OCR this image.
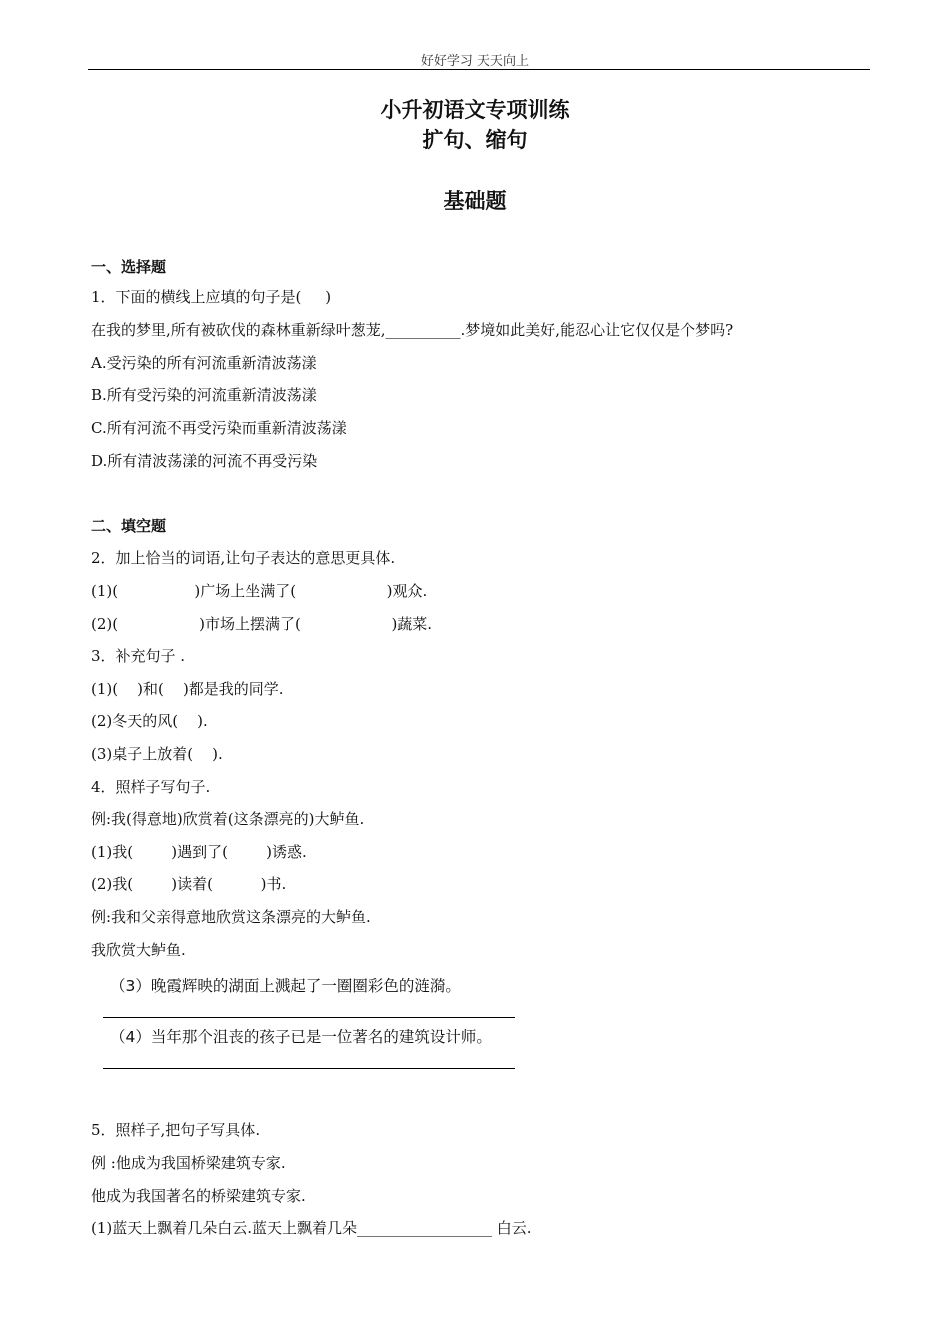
好好学习 天天向上
小升初语文专项训练
扩句、缩句
基础题
一、选择题
1．下面的横线上应填的句子是(     )
在我的梦里,所有被砍伐的森林重新绿叶葱茏,__________.梦境如此美好,能忍心让它仅仅是个梦吗?
A.受污染的所有河流重新清波荡漾
B.所有受污染的河流重新清波荡漾
C.所有河流不再受污染而重新清波荡漾
D.所有清波荡漾的河流不再受污染
二、填空题
2．加上恰当的词语,让句子表达的意思更具体.
(1)(                )广场上坐满了(                   )观众.
(2)(                 )市场上摆满了(                   )蔬菜.
3．补充句子 .
(1)(    )和(    )都是我的同学.
(2)冬天的风(    ).
(3)桌子上放着(    ).
4．照样子写句子.
例:我(得意地)欣赏着(这条漂亮的)大鲈鱼.
(1)我(        )遇到了(        )诱惑.
(2)我(        )读着(          )书.
例:我和父亲得意地欣赏这条漂亮的大鲈鱼.
我欣赏大鲈鱼.
（3）晚霞辉映的湖面上溅起了一圈圈彩色的涟漪。
（4）当年那个沮丧的孩子已是一位著名的建筑设计师。
5．照样子,把句子写具体.
例 :他成为我国桥梁建筑专家.
他成为我国著名的桥梁建筑专家.
(1)蓝天上飘着几朵白云.蓝天上飘着几朵__________________ 白云.
